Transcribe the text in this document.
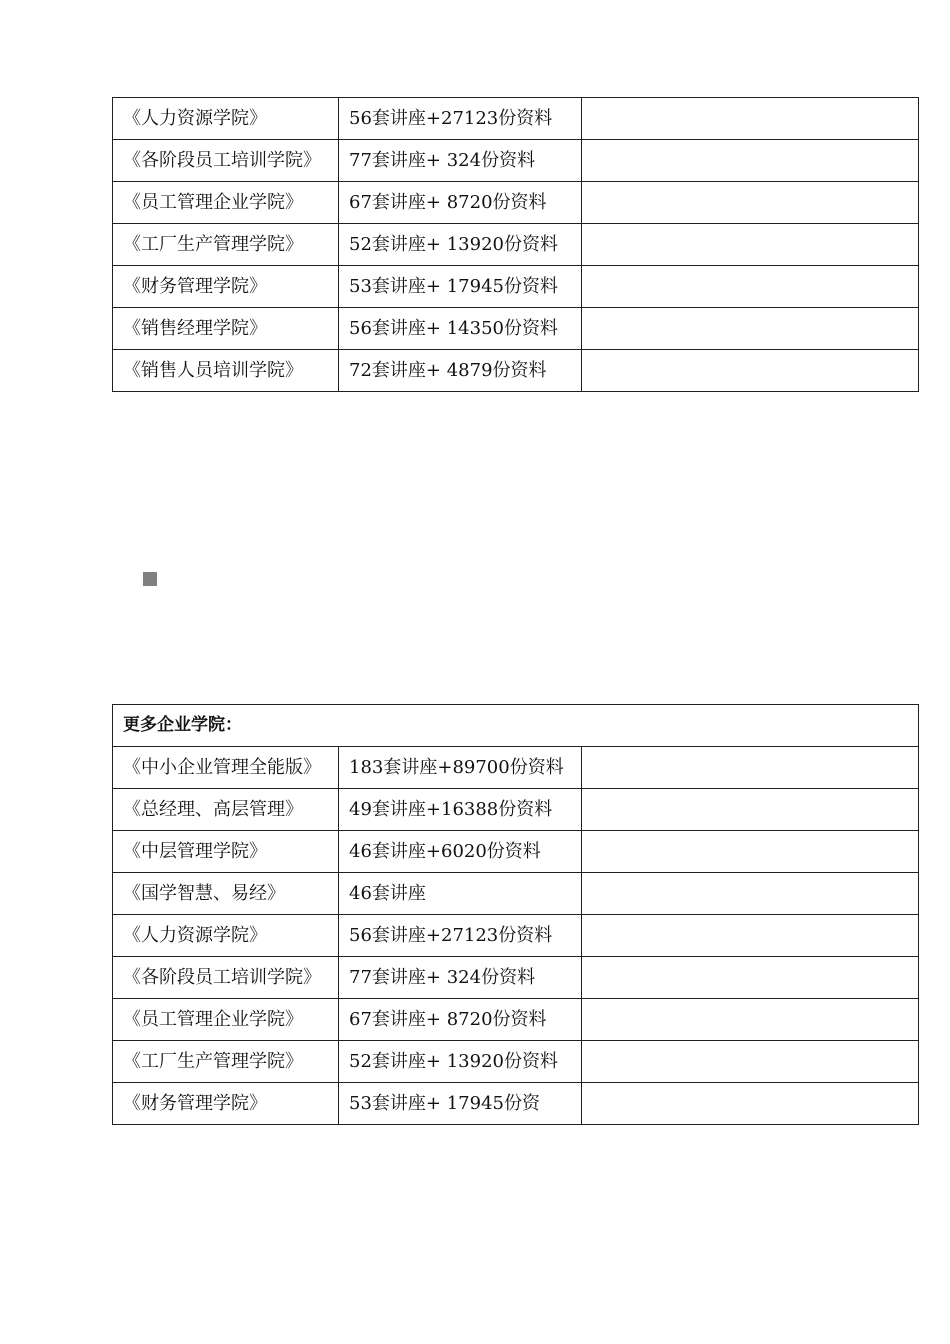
《人力资源学院》	56套讲座+27123份资料	
《各阶段员工培训学院》	77套讲座+ 324份资料	
《员工管理企业学院》	67套讲座+ 8720份资料	
《工厂生产管理学院》	52套讲座+ 13920份资料	
《财务管理学院》	53套讲座+ 17945份资料	
《销售经理学院》	56套讲座+ 14350份资料	
《销售人员培训学院》	72套讲座+ 4879份资料	
更多企业学院：		
《中小企业管理全能版》	183套讲座+89700份资料	
《总经理、高层管理》	49套讲座+16388份资料	
《中层管理学院》	46套讲座+6020份资料	
《国学智慧、易经》	46套讲座	
《人力资源学院》	56套讲座+27123份资料	
《各阶段员工培训学院》	77套讲座+ 324份资料	
《员工管理企业学院》	67套讲座+ 8720份资料	
《工厂生产管理学院》	52套讲座+ 13920份资料	
《财务管理学院》	53套讲座+ 17945份资	
